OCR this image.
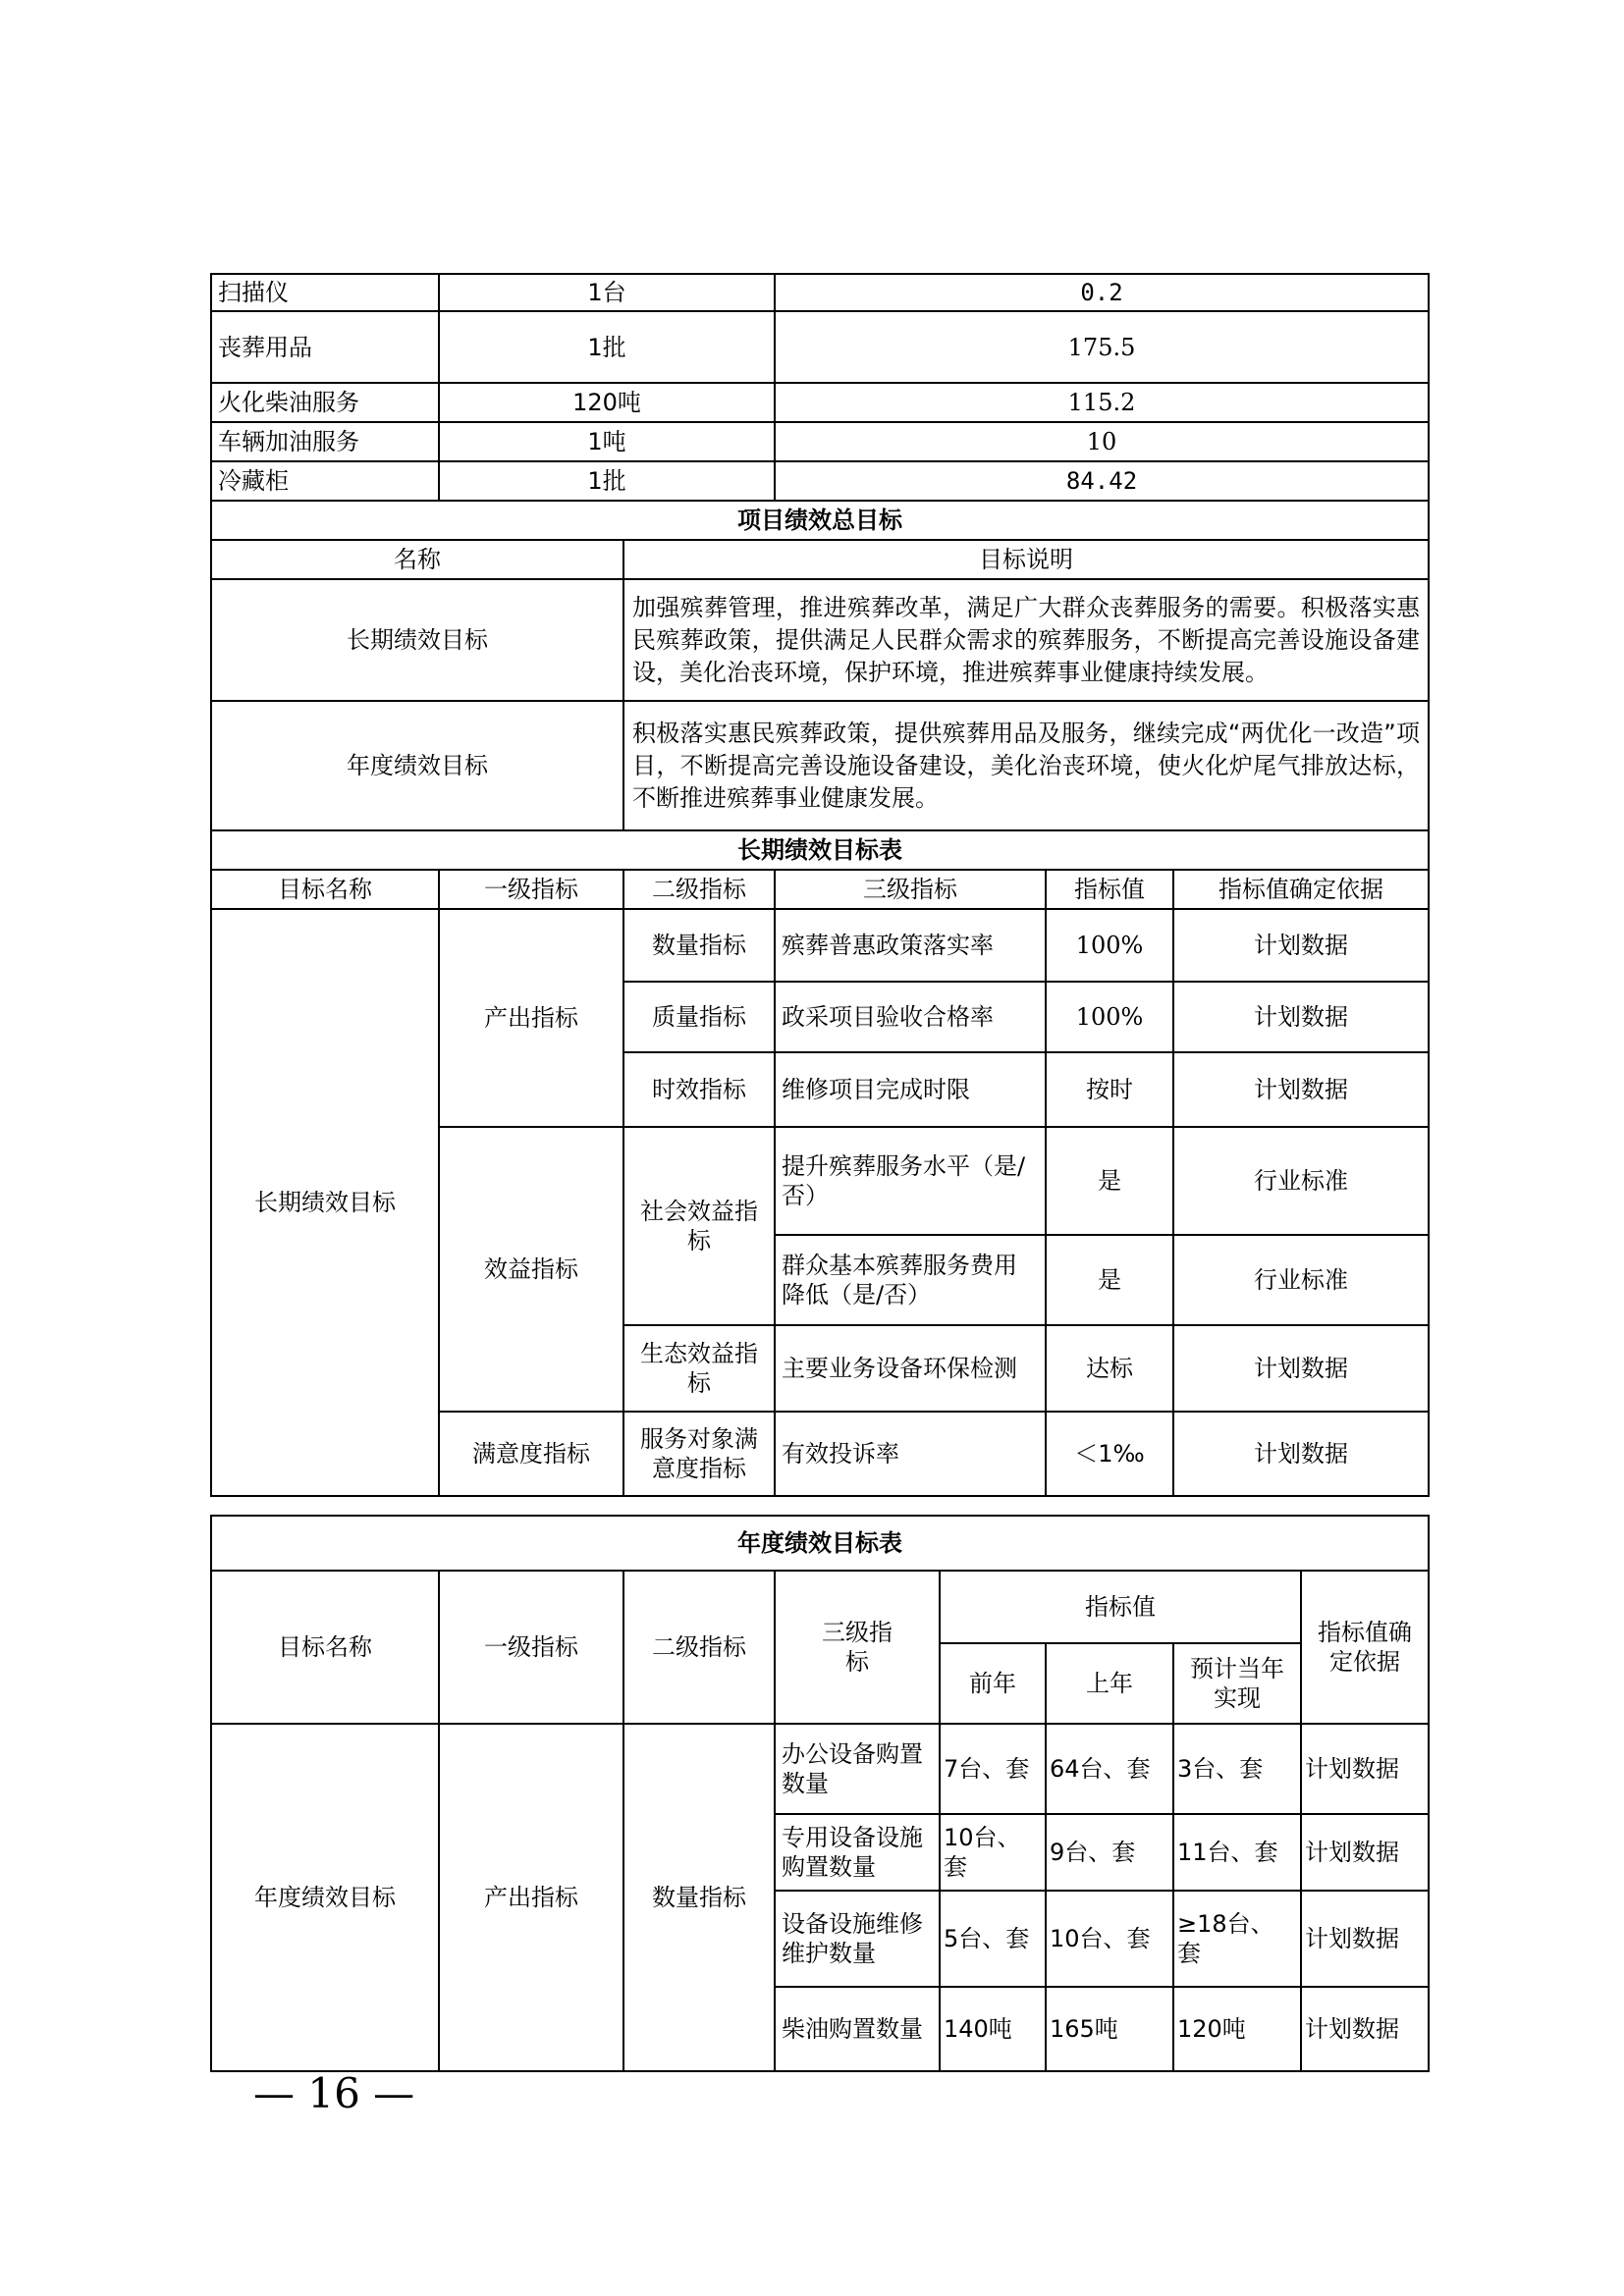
扫描仪	1台		0.2		
丧葬用品	1批		175.5		
火化柴油服务	120吨		115.2		
车辆加油服务	1吨		10		
冷藏柜	1批		84.42		
项目绩效总目标					
名称		目标说明			
长期绩效目标		加强殡葬管理，推进殡葬改革，满足广大群众丧葬服务的需要。积极落实惠民殡葬政策，提供满足人民群众需求的殡葬服务，不断提高完善设施设备建设，美化治丧环境，保护环境，推进殡葬事业健康持续发展。			
年度绩效目标		积极落实惠民殡葬政策，提供殡葬用品及服务，继续完成“两优化一改造”项目，不断提高完善设施设备建设，美化治丧环境，使火化炉尾气排放达标，不断推进殡葬事业健康发展。			
长期绩效目标表					
目标名称	一级指标	二级指标	三级指标	指标值	指标值确定依据
长期绩效目标	产出指标	数量指标	殡葬普惠政策落实率	100%	计划数据
		质量指标	政采项目验收合格率	100%	计划数据
		时效指标	维修项目完成时限	按时	计划数据
	效益指标	社会效益指标	提升殡葬服务水平（是/否）	是	行业标准
			群众基本殡葬服务费用降低（是/否）	是	行业标准
		生态效益指标	主要业务设备环保检测	达标	计划数据
	满意度指标	服务对象满意度指标	有效投诉率	＜1‰	计划数据
年度绩效目标表							
目标名称	一级指标	二级指标	三级指标	指标值			指标值确定依据
				前年	上年	预计当年实现	
年度绩效目标	产出指标	数量指标	办公设备购置数量	7台、套	64台、套	3台、套	计划数据
			专用设备设施购置数量	10台、套	9台、套	11台、套	计划数据
			设备设施维修维护数量	5台、套	10台、套	≥18台、套	计划数据
			柴油购置数量	140吨	165吨	120吨	计划数据
— 16 —
